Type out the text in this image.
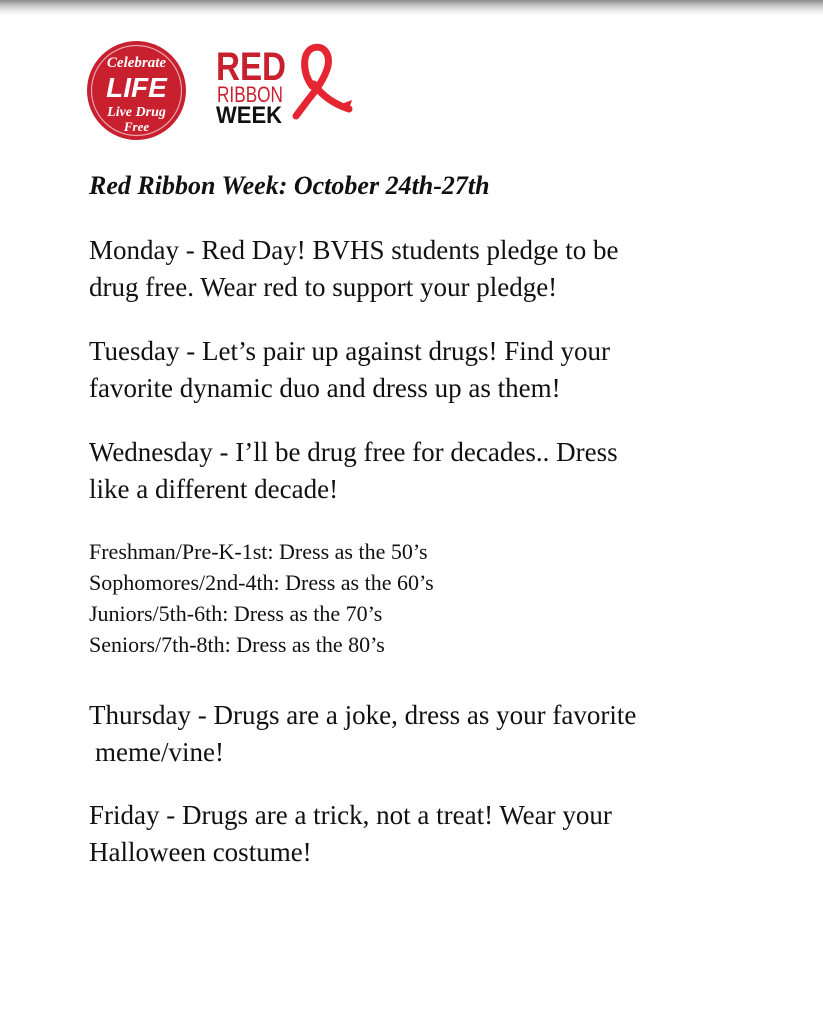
Celebrate
LIFE
Live Drug
Free
RED
RIBBON
WEEK

Red Ribbon Week: October 24th-27th

Monday - Red Day! BVHS students pledge to be
drug free. Wear red to support your pledge!

Tuesday - Let’s pair up against drugs! Find your
favorite dynamic duo and dress up as them!

Wednesday - I’ll be drug free for decades.. Dress
like a different decade!

Freshman/Pre-K-1st: Dress as the 50’s
Sophomores/2nd-4th: Dress as the 60’s
Juniors/5th-6th: Dress as the 70’s
Seniors/7th-8th: Dress as the 80’s

Thursday - Drugs are a joke, dress as your favorite
meme/vine!

Friday - Drugs are a trick, not a treat! Wear your
Halloween costume!
